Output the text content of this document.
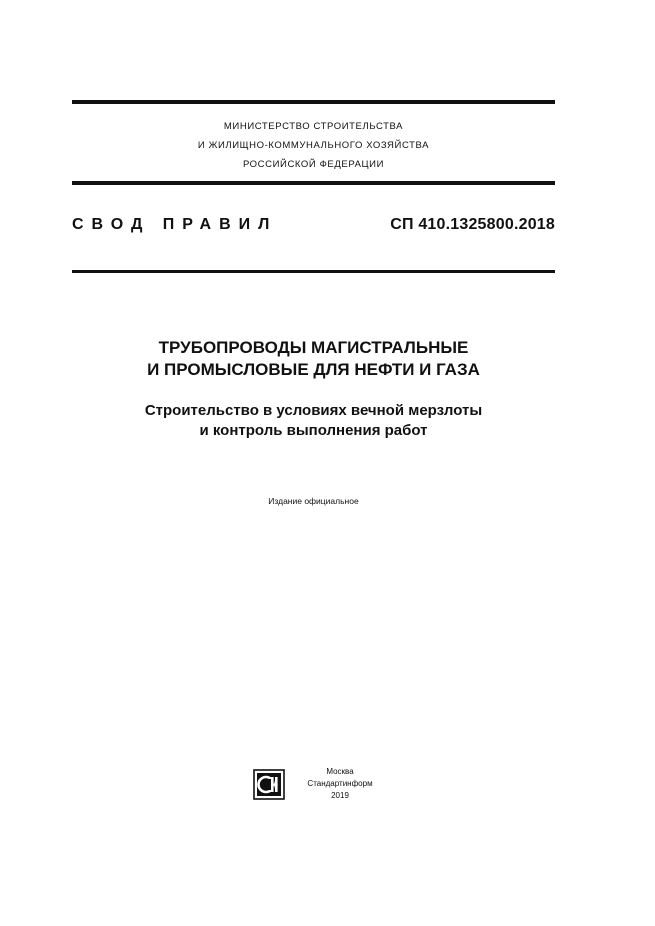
МИНИСТЕРСТВО СТРОИТЕЛЬСТВА
И ЖИЛИЩНО-КОММУНАЛЬНОГО ХОЗЯЙСТВА
РОССИЙСКОЙ ФЕДЕРАЦИИ
СВОД ПРАВИЛ	СП 410.1325800.2018
ТРУБОПРОВОДЫ МАГИСТРАЛЬНЫЕ
И ПРОМЫСЛОВЫЕ ДЛЯ НЕФТИ И ГАЗА
Строительство в условиях вечной мерзлоты
и контроль выполнения работ
Издание официальное
Москва
Стандартинформ
2019
